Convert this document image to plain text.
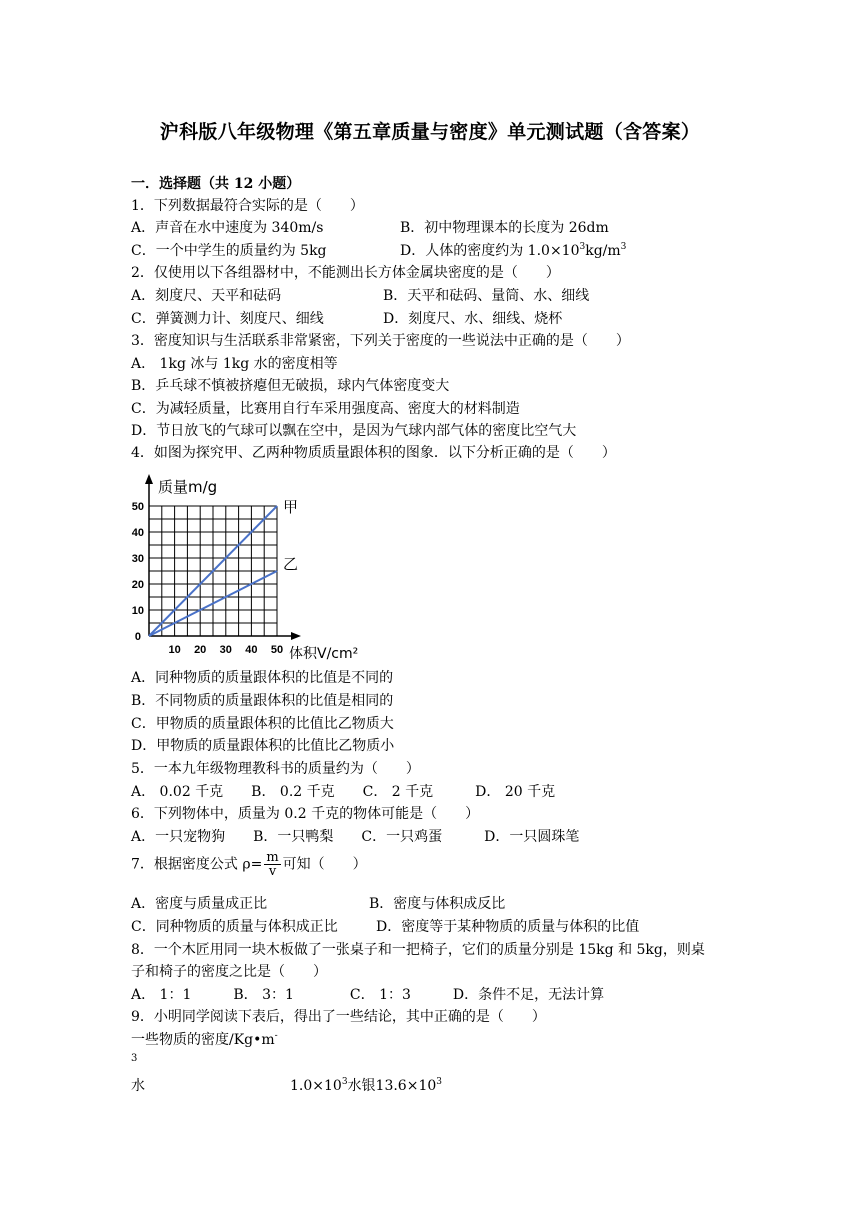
沪科版八年级物理《第五章质量与密度》单元测试题（含答案）
一．选择题（共 12 小题）
1．下列数据最符合实际的是（　　）
A．声音在水中速度为 340m/s	B．初中物理课本的长度为 26dm
C．一个中学生的质量约为 5kg	D．人体的密度约为 $1.0\times 10^3kg/m^3$
2．仅使用以下各组器材中，不能测出长方体金属块密度的是（　　）
A．刻度尺、天平和砝码	B．天平和砝码、量筒、水、细线
C．弹簧测力计、刻度尺、细线	D．刻度尺、水、细线、烧杯
3．密度知识与生活联系非常紧密，下列关于密度的一些说法中正确的是（　　）
A． 1kg 冰与 1kg 水的密度相等
B．乒乓球不慎被挤瘪但无破损，球内气体密度变大
C．为减轻质量，比赛用自行车采用强度高、密度大的材料制造
D．节日放飞的气球可以飘在空中，是因为气球内部气体的密度比空气大
4．如图为探究甲、乙两种物质质量跟体积的图象．以下分析正确的是（　　）
10
20
30
40
50
0
10 20 30 40 50
质量m/g
体积V/cm²
甲
乙
A．同种物质的质量跟体积的比值是不同的
B．不同物质的质量跟体积的比值是相同的
C．甲物质的质量跟体积的比值比乙物质大
D．甲物质的质量跟体积的比值比乙物质小
5．一本九年级物理教科书的质量约为（　　）
A． 0.02 千克　　B． 0.2 千克　　C． 2 千克　　　D． 20 千克
6．下列物体中，质量为 0.2 千克的物体可能是（　　）
A．一只宠物狗　　B．一只鸭梨　　C．一只鸡蛋　　　D．一只圆珠笔
7．根据密度公式 $\rho= \frac{m}{v}$ 可知（　　）
A．密度与质量成正比	B．密度与体积成反比
C．同种物质的质量与体积成正比	D．密度等于某种物质的质量与体积的比值
8．一个木匠用同一块木板做了一张桌子和一把椅子，它们的质量分别是 15kg 和 5kg，则桌
子和椅子的密度之比是（　　）
A． 1：1　　　B． 3：1　　　　C． 1：3　　　D．条件不足，无法计算
9．小明同学阅读下表后，得出了一些结论，其中正确的是（　　）
一些物质的密度/Kg•m-
3
水	$1.0\times 10^3$水银$13.6\times 10^3$
